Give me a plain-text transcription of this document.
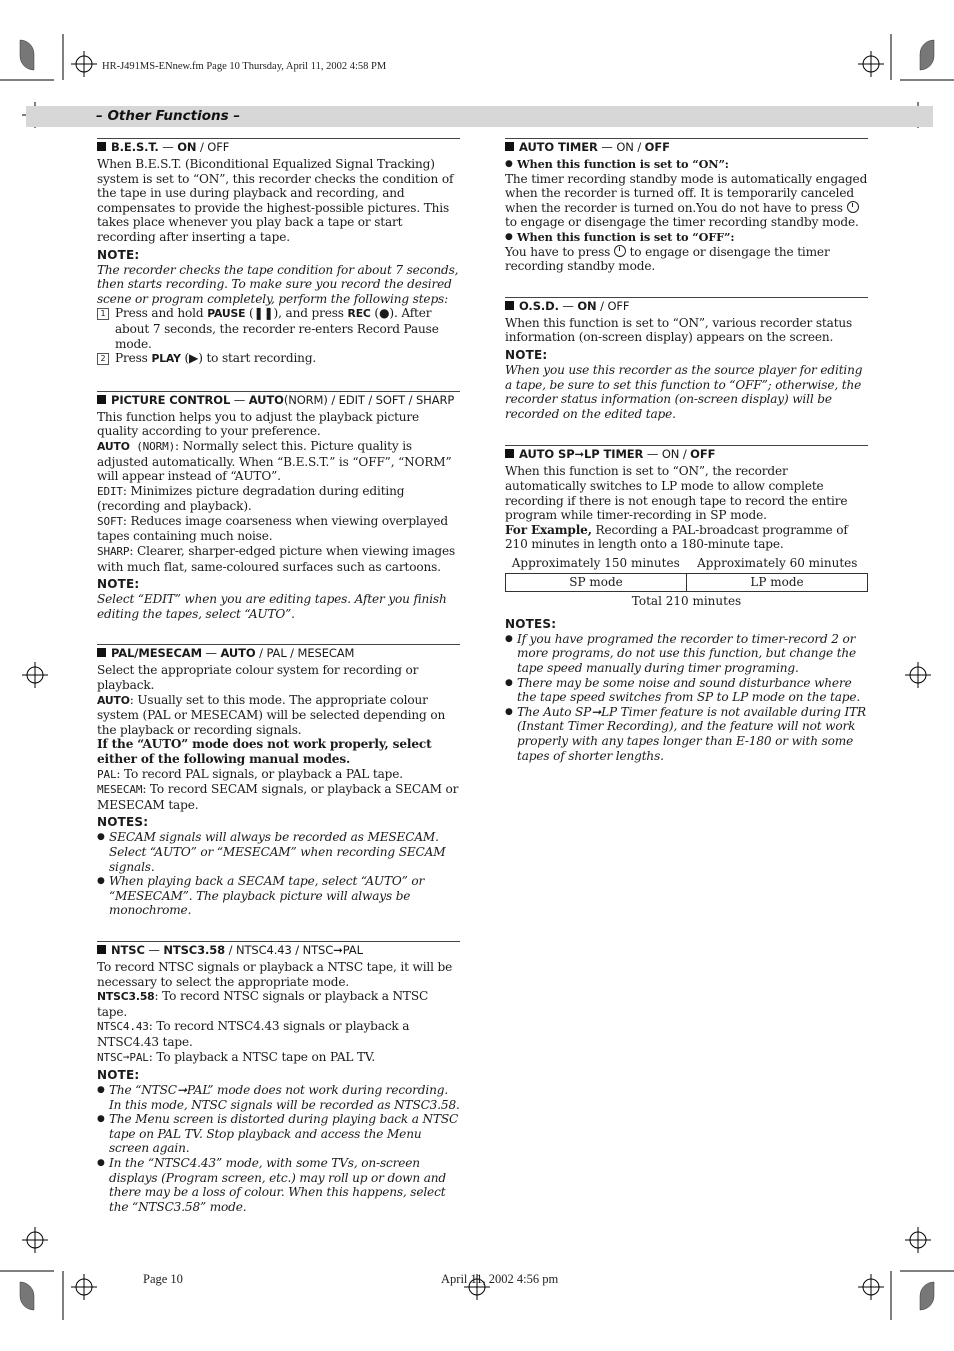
HR-J491MS-ENnew.fm Page 10 Thursday, April 11, 2002 4:58 PM
– Other Functions –
B.E.S.T. — ON / OFF

When B.E.S.T. (Biconditional Equalized Signal Tracking) system is set to “ON”, this recorder checks the condition of the tape in use during playback and recording, and compensates to provide the highest-possible pictures. This takes place whenever you play back a tape or start recording after inserting a tape.

NOTE:

The recorder checks the tape condition for about 7 seconds, then starts recording. To make sure you record the desired scene or program completely, perform the following steps:

1 Press and hold PAUSE (❚❚), and press REC (●). After about 7 seconds, the recorder re-enters Record Pause mode.

2 Press PLAY (▶) to start recording.

PICTURE CONTROL — AUTO(NORM) / EDIT / SOFT / SHARP

This function helps you to adjust the playback picture quality according to your preference.

AUTO (NORM): Normally select this. Picture quality is adjusted automatically. When “B.E.S.T.” is “OFF”, “NORM” will appear instead of “AUTO”.

EDIT: Minimizes picture degradation during editing (recording and playback).

SOFT: Reduces image coarseness when viewing overplayed tapes containing much noise.

SHARP: Clearer, sharper-edged picture when viewing images with much flat, same-coloured surfaces such as cartoons.

NOTE:

Select “EDIT” when you are editing tapes. After you finish editing the tapes, select “AUTO”.

PAL/MESECAM — AUTO / PAL / MESECAM

Select the appropriate colour system for recording or playback.

AUTO: Usually set to this mode. The appropriate colour system (PAL or MESECAM) will be selected depending on the playback or recording signals.

If the “AUTO” mode does not work properly, select either of the following manual modes.

PAL: To record PAL signals, or playback a PAL tape.

MESECAM: To record SECAM signals, or playback a SECAM or MESECAM tape.

NOTES:

● SECAM signals will always be recorded as MESECAM. Select “AUTO” or “MESECAM” when recording SECAM signals.

● When playing back a SECAM tape, select “AUTO” or “MESECAM”. The playback picture will always be monochrome.

NTSC — NTSC3.58 / NTSC4.43 / NTSC➞PAL

To record NTSC signals or playback a NTSC tape, it will be necessary to select the appropriate mode.

NTSC3.58: To record NTSC signals or playback a NTSC tape.

NTSC4.43: To record NTSC4.43 signals or playback a NTSC4.43 tape.

NTSC➞PAL: To playback a NTSC tape on PAL TV.

NOTE:

● The “NTSC➞PAL” mode does not work during recording. In this mode, NTSC signals will be recorded as NTSC3.58.

● The Menu screen is distorted during playing back a NTSC tape on PAL TV. Stop playback and access the Menu screen again.

● In the “NTSC4.43” mode, with some TVs, on-screen displays (Program screen, etc.) may roll up or down and there may be a loss of colour. When this happens, select the “NTSC3.58” mode.

AUTO TIMER — ON / OFF

● When this function is set to “ON”:

The timer recording standby mode is automatically engaged when the recorder is turned off. It is temporarily canceled when the recorder is turned on.You do not have to press  to engage or disengage the timer recording standby mode.

● When this function is set to “OFF”:

You have to press  to engage or disengage the timer recording standby mode.

O.S.D. — ON / OFF

When this function is set to “ON”, various recorder status information (on-screen display) appears on the screen.

NOTE:

When you use this recorder as the source player for editing a tape, be sure to set this function to “OFF”; otherwise, the recorder status information (on-screen display) will be recorded on the edited tape.

AUTO SP➞LP TIMER — ON / OFF

When this function is set to “ON”, the recorder automatically switches to LP mode to allow complete recording if there is not enough tape to record the entire program while timer-recording in SP mode.

For Example, Recording a PAL-broadcast programme of 210 minutes in length onto a 180-minute tape.

Approximately 150 minutes	Approximately 60 minutes
SP mode	LP mode
Total 210 minutes
NOTES:

● If you have programed the recorder to timer-record 2 or more programs, do not use this function, but change the tape speed manually during timer programing.

● There may be some noise and sound disturbance where the tape speed switches from SP to LP mode on the tape.

● The Auto SP➞LP Timer feature is not available during ITR (Instant Timer Recording), and the feature will not work properly with any tapes longer than E-180 or with some tapes of shorter lengths.

Page 10	April 11, 2002 4:56 pm
